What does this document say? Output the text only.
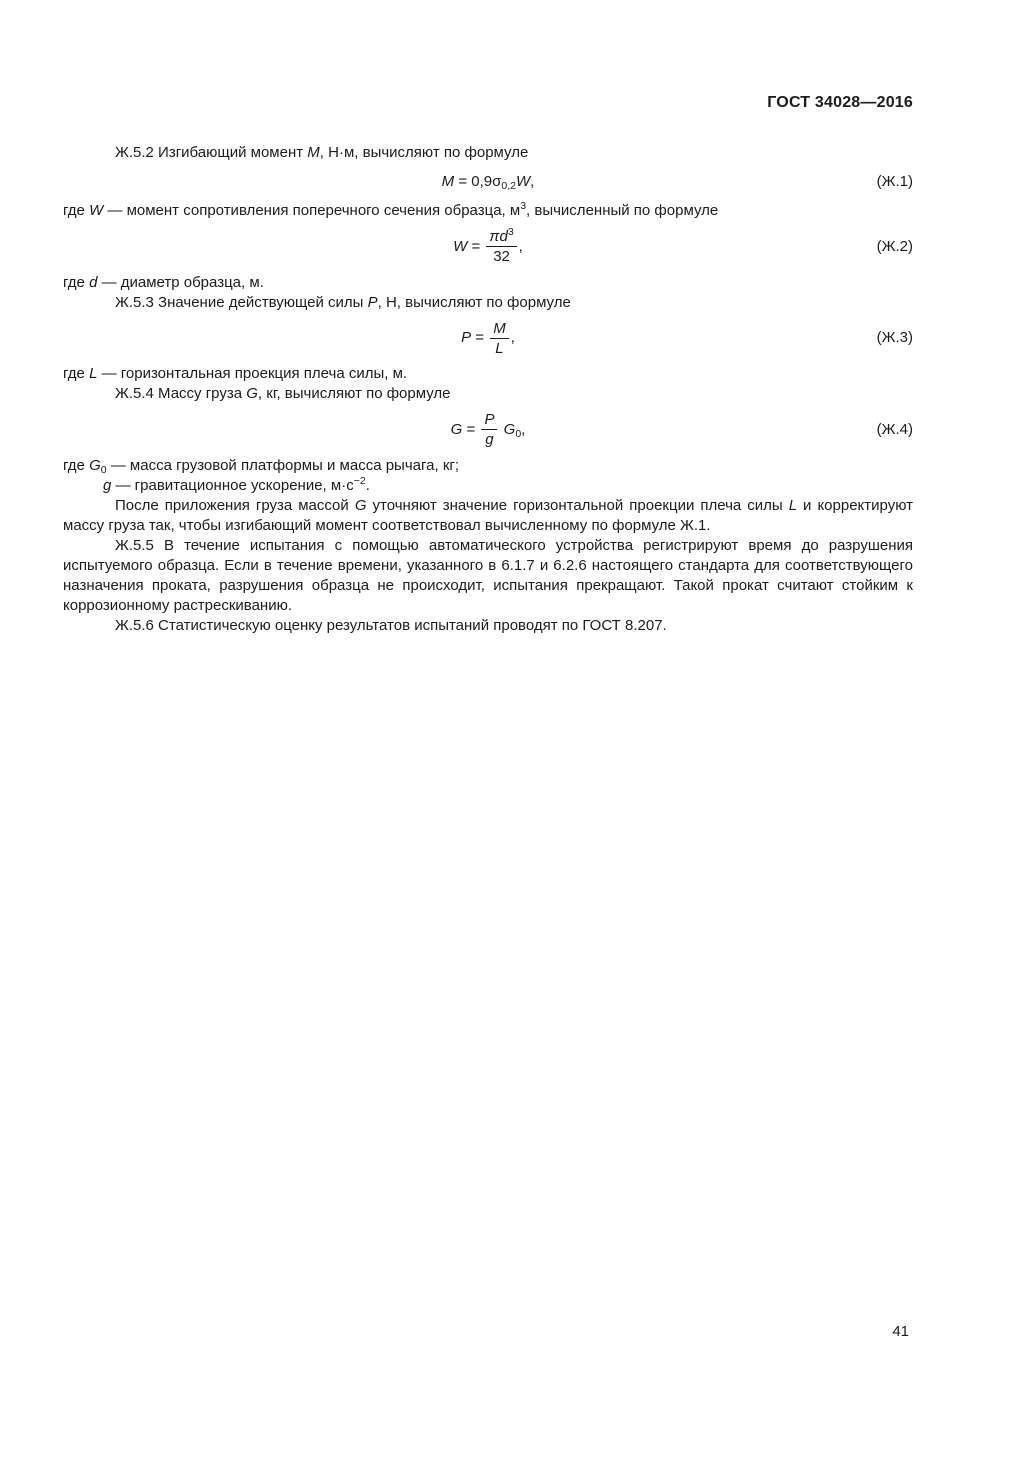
ГОСТ 34028—2016

Ж.5.2 Изгибающий момент М, Н·м, вычисляют по формуле

$М = 0,9\sigma_{0,2}W$,	(Ж.1)

где W — момент сопротивления поперечного сечения образца, $м^3$, вычисленный по формуле

$W = \frac{\pi d^3}{32}$ ,	(Ж.2)

где d — диаметр образца, м.

Ж.5.3 Значение действующей силы Р, Н, вычисляют по формуле

$P = \frac{М}{L}$ ,	(Ж.3)

где L — горизонтальная проекция плеча силы, м.

Ж.5.4 Массу груза G, кг, вычисляют по формуле

$G = \frac{P}{g} G_0$,	(Ж.4)

где $G_0$ — масса грузовой платформы и масса рычага, кг;

g — гравитационное ускорение, $м\cdot с^{-2}$.

После приложения груза массой G уточняют значение горизонтальной проекции плеча силы L и корректируют массу груза так, чтобы изгибающий момент соответствовал вычисленному по формуле Ж.1.

Ж.5.5 В течение испытания с помощью автоматического устройства регистрируют время до разрушения испытуемого образца. Если в течение времени, указанного в 6.1.7 и 6.2.6 настоящего стандарта для соответствующего назначения проката, разрушения образца не происходит, испытания прекращают. Такой прокат считают стойким к коррозионному растрескиванию.

Ж.5.6 Статистическую оценку результатов испытаний проводят по ГОСТ 8.207.

41
